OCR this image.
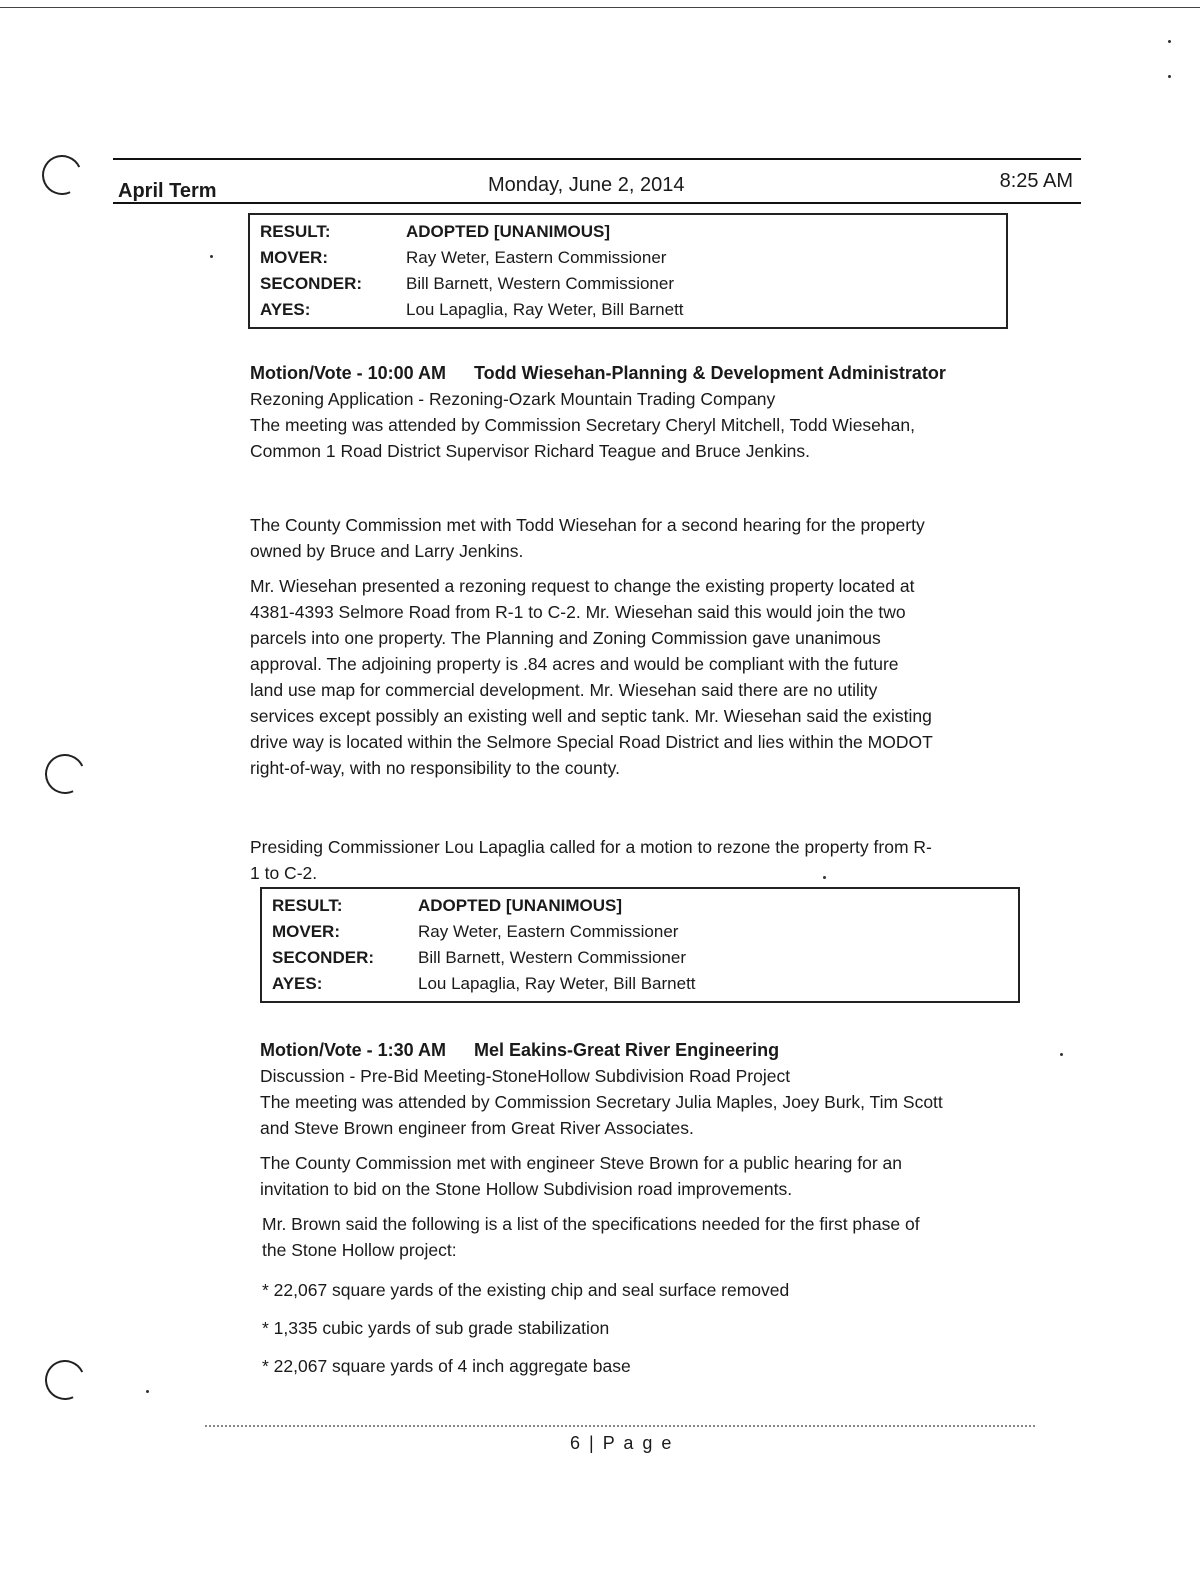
April Term	Monday, June 2, 2014	8:25 AM
RESULT:	ADOPTED [UNANIMOUS]
MOVER:	Ray Weter, Eastern Commissioner
SECONDER:	Bill Barnett, Western Commissioner
AYES:	Lou Lapaglia, Ray Weter, Bill Barnett
Motion/Vote - 10:00 AM Todd Wiesehan-Planning & Development Administrator
Rezoning Application - Rezoning-Ozark Mountain Trading Company
The meeting was attended by Commission Secretary Cheryl Mitchell, Todd Wiesehan,
Common 1 Road District Supervisor Richard Teague and Bruce Jenkins.
The County Commission met with Todd Wiesehan for a second hearing for the property
owned by Bruce and Larry Jenkins.
Mr. Wiesehan presented a rezoning request to change the existing property located at
4381-4393 Selmore Road from R-1 to C-2. Mr. Wiesehan said this would join the two
parcels into one property. The Planning and Zoning Commission gave unanimous
approval. The adjoining property is .84 acres and would be compliant with the future
land use map for commercial development. Mr. Wiesehan said there are no utility
services except possibly an existing well and septic tank. Mr. Wiesehan said the existing
drive way is located within the Selmore Special Road District and lies within the MODOT
right-of-way, with no responsibility to the county.
Presiding Commissioner Lou Lapaglia called for a motion to rezone the property from R-
1 to C-2.
RESULT:	ADOPTED [UNANIMOUS]
MOVER:	Ray Weter, Eastern Commissioner
SECONDER:	Bill Barnett, Western Commissioner
AYES:	Lou Lapaglia, Ray Weter, Bill Barnett
Motion/Vote - 1:30 AM Mel Eakins-Great River Engineering
Discussion - Pre-Bid Meeting-StoneHollow Subdivision Road Project
The meeting was attended by Commission Secretary Julia Maples, Joey Burk, Tim Scott
and Steve Brown engineer from Great River Associates.
The County Commission met with engineer Steve Brown for a public hearing for an
invitation to bid on the Stone Hollow Subdivision road improvements.
Mr. Brown said the following is a list of the specifications needed for the first phase of
the Stone Hollow project:
* 22,067 square yards of the existing chip and seal surface removed
* 1,335 cubic yards of sub grade stabilization
* 22,067 square yards of 4 inch aggregate base
6 | P a g e
